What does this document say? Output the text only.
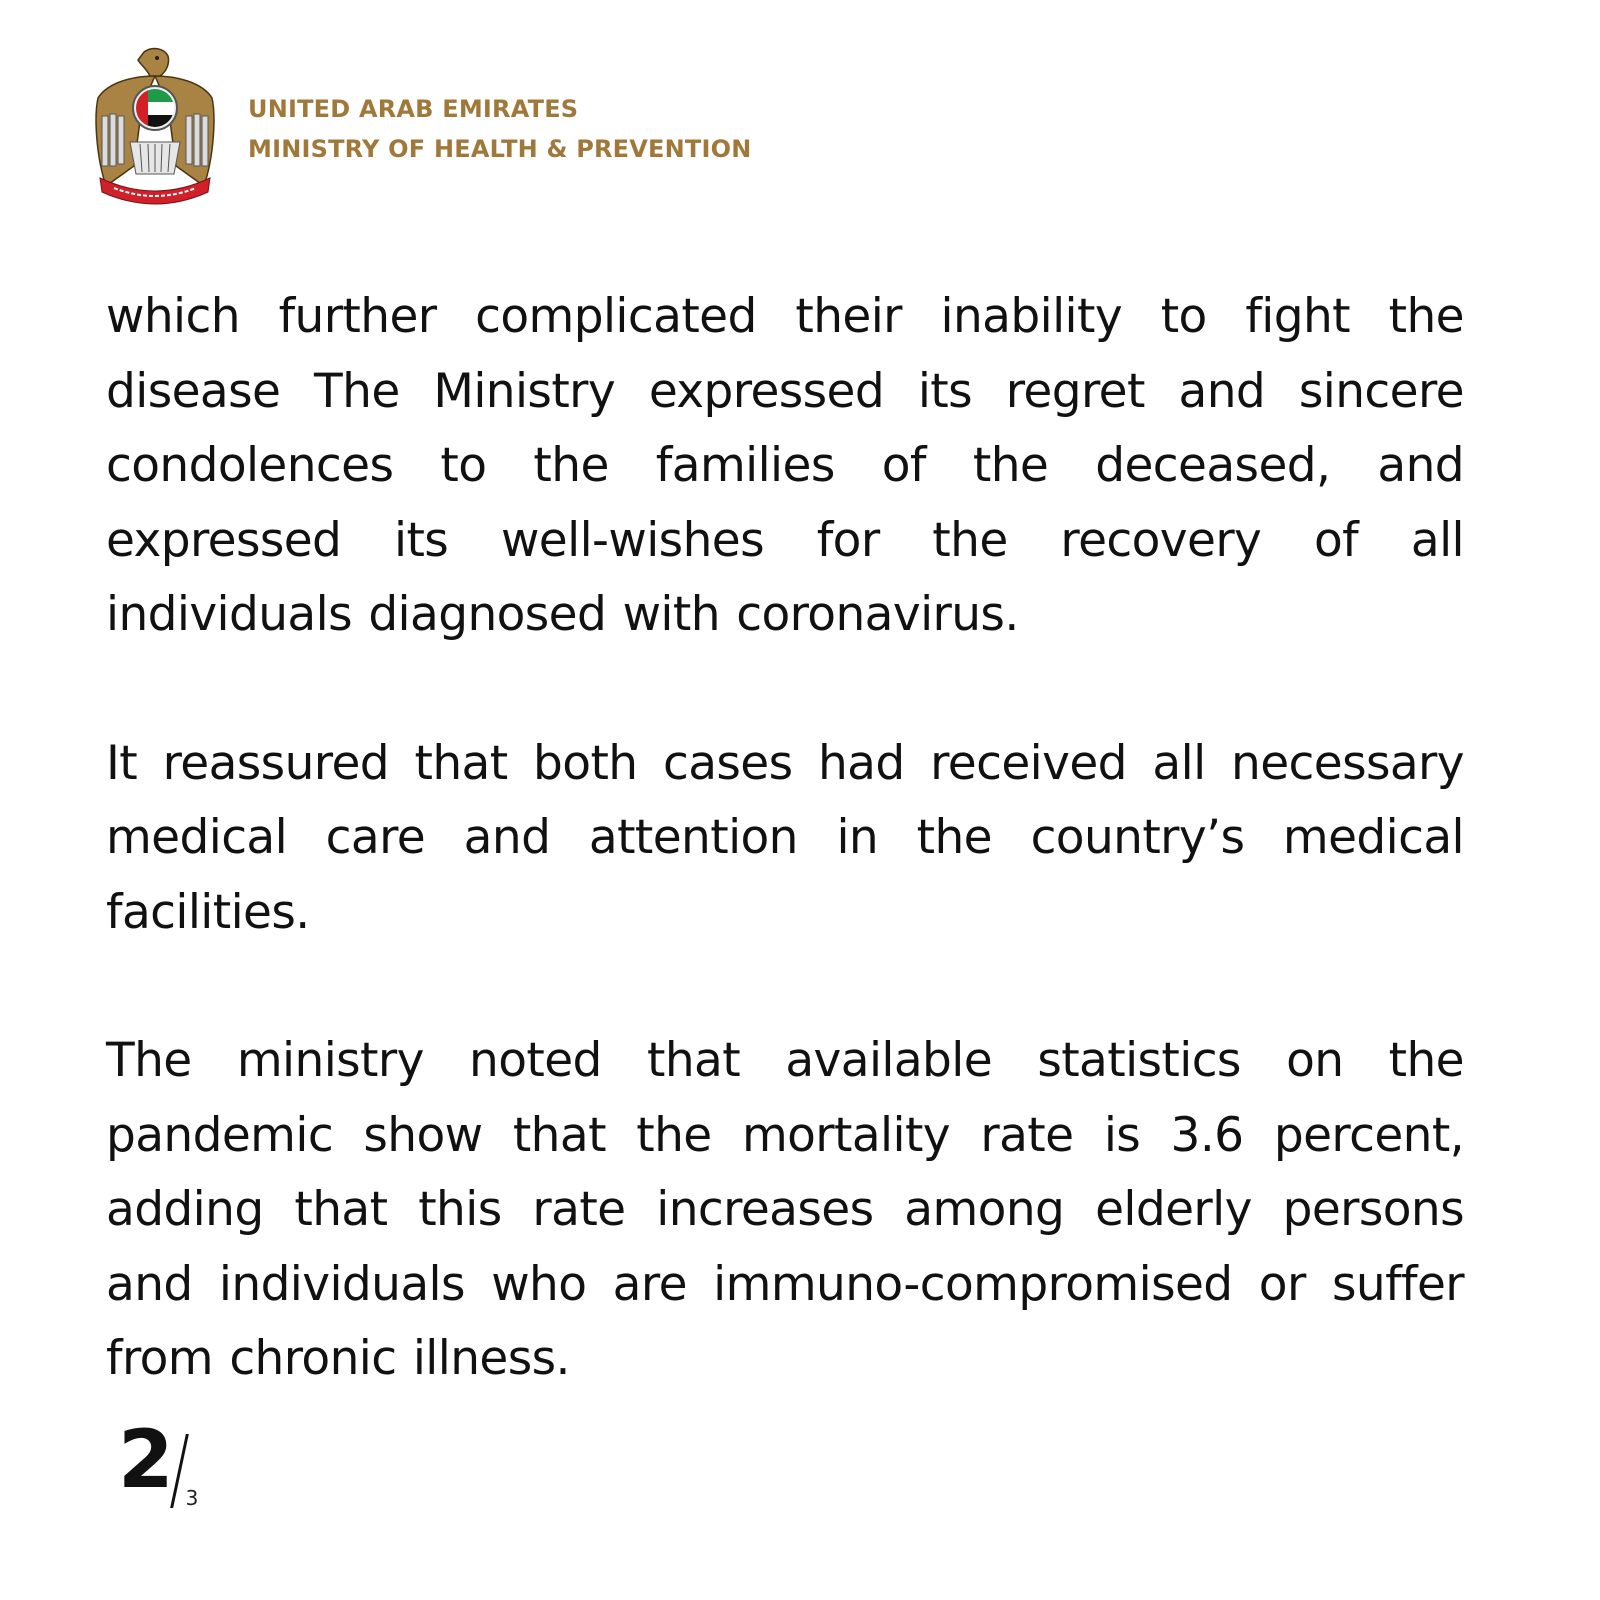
UNITED ARAB EMIRATES
MINISTRY OF HEALTH & PREVENTION

which further complicated their inability to fight the disease The Ministry expressed its regret and sincere condolences to the families of the deceased, and expressed its well-wishes for the recovery of all individuals diagnosed with coronavirus.

It reassured that both cases had received all necessary medical care and attention in the country’s medical facilities.

The ministry noted that available statistics on the pandemic show that the mortality rate is 3.6 percent, adding that this rate increases among elderly persons and individuals who are immuno-compromised or suffer from chronic illness.

2 3
